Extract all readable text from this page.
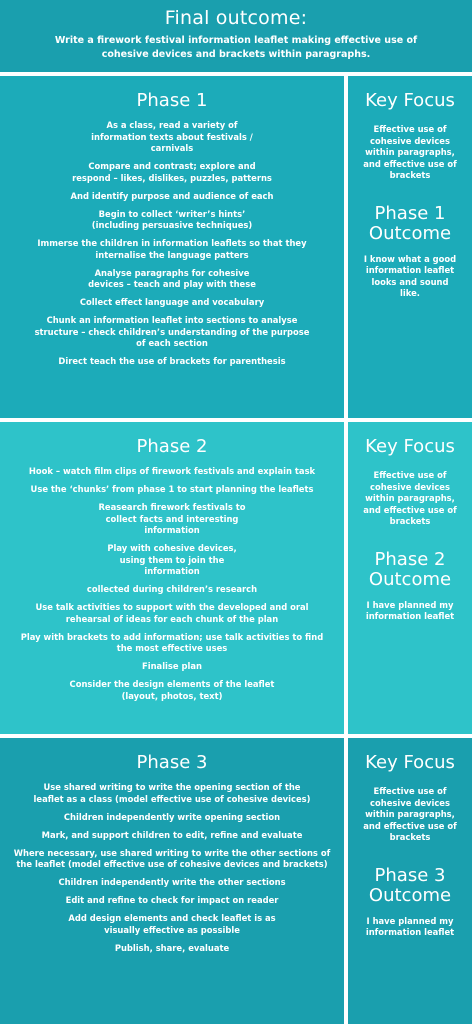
Final outcome:
Write a firework festival information leaflet making effective use of cohesive devices and brackets within paragraphs.
Phase 1
As a class, read a variety of information texts about festivals / carnivals
Compare and contrast; explore and respond – likes, dislikes, puzzles, patterns
And identify purpose and audience of each
Begin to collect ‘writer’s hints’ (including persuasive techniques)
Immerse the children in information leaflets so that they internalise the language patters
Analyse paragraphs for cohesive devices – teach and play with these
Collect effect language and vocabulary
Chunk an information leaflet into sections to analyse structure – check children’s understanding of the purpose of each section
Direct teach the use of brackets for parenthesis
Key Focus
Effective use of cohesive devices within paragraphs, and effective use of brackets
Phase 1 Outcome
I know what a good information leaflet looks and sound like.
Phase 2
Hook – watch film clips of firework festivals and explain task
Use the ‘chunks’ from phase 1 to start planning the leaflets
Reasearch firework festivals to collect facts and interesting information
Play with cohesive devices, using them to join the information
collected during children’s research
Use talk activities to support with the developed and oral rehearsal of ideas for each chunk of the plan
Play with brackets to add information; use talk activities to find the most effective uses
Finalise plan
Consider the design elements of the leaflet (layout, photos, text)
Key Focus
Effective use of cohesive devices within paragraphs, and effective use of brackets
Phase 2 Outcome
I have planned my information leaflet
Phase 3
Use shared writing to write the opening section of the leaflet as a class (model effective use of cohesive devices)
Children independently write opening section
Mark, and support children to edit, refine and evaluate
Where necessary, use shared writing to write the other sections of the leaflet (model effective use of cohesive devices and brackets)
Children independently write the other sections
Edit and refine to check for impact on reader
Add design elements and check leaflet is as visually effective as possible
Publish, share, evaluate
Key Focus
Effective use of cohesive devices within paragraphs, and effective use of brackets
Phase 3 Outcome
I have planned my information leaflet
